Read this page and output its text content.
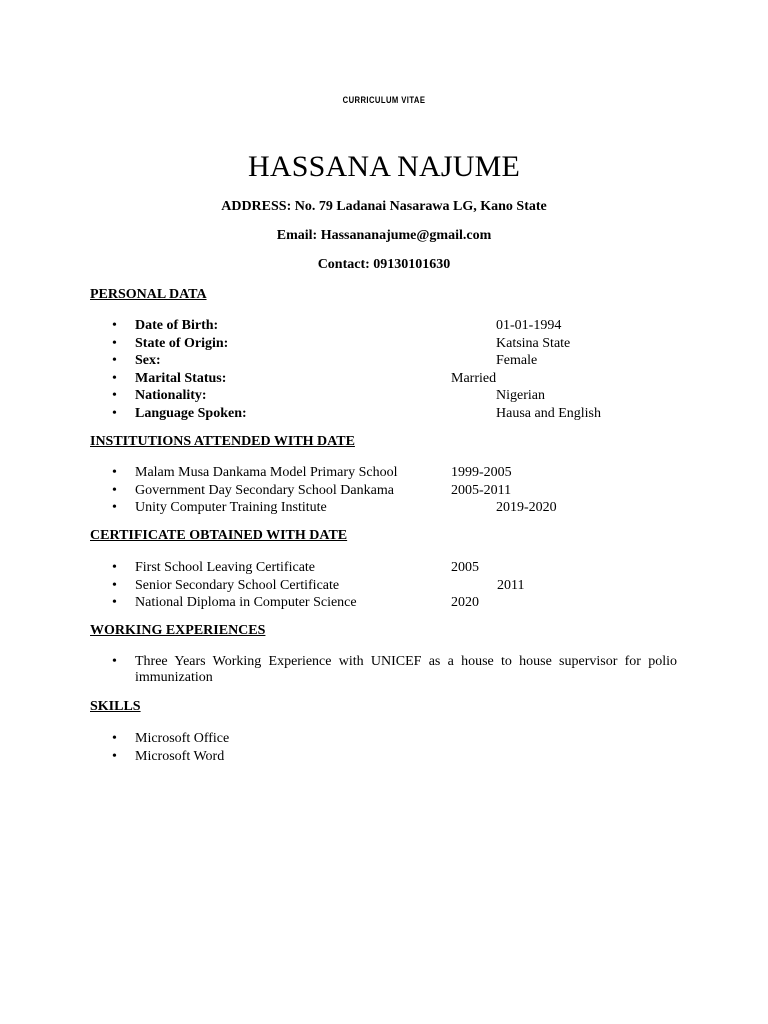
CURRICULUM VITAE
HASSANA NAJUME
ADDRESS: No. 79 Ladanai Nasarawa LG, Kano State
Email: Hassananajume@gmail.com
Contact: 09130101630
PERSONAL DATA
• Date of Birth:	01-01-1994
• State of Origin:	Katsina State
• Sex:	Female
• Marital Status:	Married
• Nationality:	Nigerian
• Language Spoken:	Hausa and English
INSTITUTIONS ATTENDED WITH DATE
• Malam Musa Dankama Model Primary School	1999-2005
• Government Day Secondary School Dankama	2005-2011
• Unity Computer Training Institute	2019-2020
CERTIFICATE OBTAINED WITH DATE
• First School Leaving Certificate	2005
• Senior Secondary School Certificate	2011
• National Diploma in Computer Science	2020
WORKING EXPERIENCES
• Three Years Working Experience with UNICEF as a house to house supervisor for polio immunization
SKILLS
• Microsoft Office
• Microsoft Word
